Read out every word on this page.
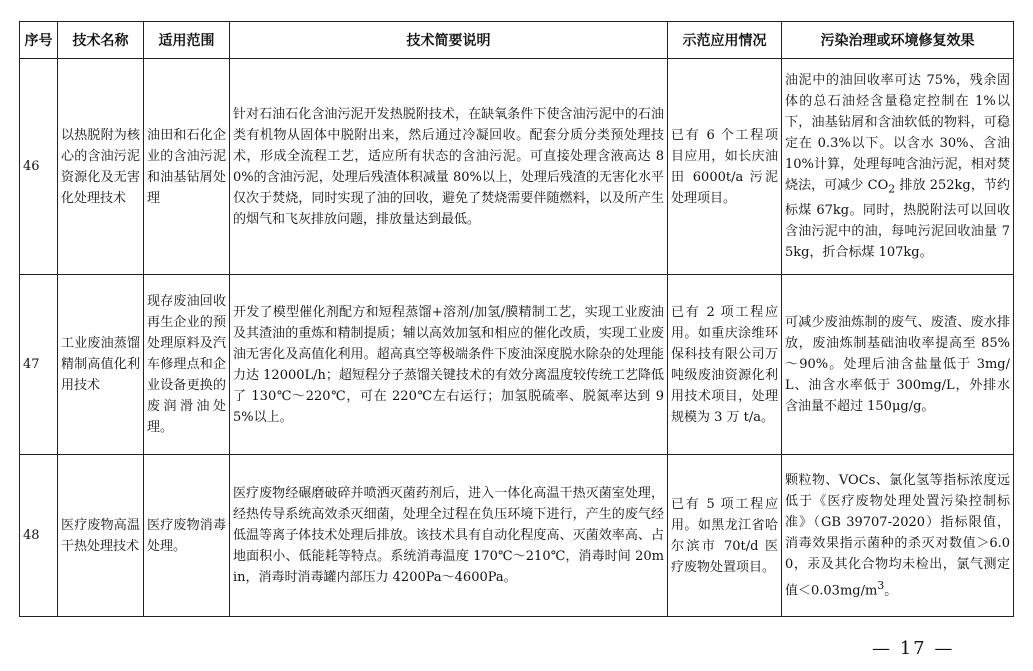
序号	技术名称	适用范围	技术简要说明	示范应用情况	污染治理或环境修复效果
46	以热脱附为核心的含油污泥资源化及无害化处理技术	油田和石化企业的含油污泥和油基钻屑处理	针对石油石化含油污泥开发热脱附技术，在缺氧条件下使含油污泥中的石油类有机物从固体中脱附出来，然后通过冷凝回收。配套分质分类预处理技术，形成全流程工艺，适应所有状态的含油污泥。可直接处理含液高达 80%的含油污泥，处理后残渣体积减量 80%以上，处理后残渣的无害化水平仅次于焚烧，同时实现了油的回收，避免了焚烧需要伴随燃料，以及所产生的烟气和飞灰排放问题，排放量达到最低。	已有 6 个工程项目应用，如长庆油田 6000t/a 污泥处理项目。	油泥中的油回收率可达 75%，残余固体的总石油烃含量稳定控制在 1%以下，油基钻屑和含油软低的物料，可稳定在 0.3%以下。以含水 30%、含油 10%计算，处理每吨含油污泥，相对焚烧法，可减少 $CO_2$ 排放 252kg，节约标煤 67kg。同时，热脱附法可以回收含油污泥中的油，每吨污泥回收油量 75kg，折合标煤 107kg。
47	工业废油蒸馏精制高值化利用技术	现存废油回收再生企业的预处理原料及汽车修理点和企业设备更换的废润滑油处理。	开发了模型催化剂配方和短程蒸馏+溶剂/加氢/膜精制工艺，实现工业废油及其渣油的重炼和精制提质；辅以高效加氢和相应的催化改质，实现工业废油无害化及高值化利用。超高真空等极端条件下废油深度脱水除杂的处理能力达 12000L/h；超短程分子蒸馏关键技术的有效分离温度较传统工艺降低了 130℃～220℃，可在 220℃左右运行；加氢脱硫率、脱氮率达到 95%以上。	已有 2 项工程应用。如重庆涂维环保科技有限公司万吨级废油资源化利用技术项目，处理规模为 3 万 t/a。	可减少废油炼制的废气、废渣、废水排放，废油炼制基础油收率提高至 85%～90%。处理后油含盐量低于 3mg/L、油含水率低于 300mg/L，外排水含油量不超过 150μg/g。
48	医疗废物高温干热处理技术	医疗废物消毒处理。	医疗废物经碾磨破碎并喷洒灭菌药剂后，进入一体化高温干热灭菌室处理，经热传导系统高效杀灭细菌，处理全过程在负压环境下进行，产生的废气经低温等离子体技术处理后排放。该技术具有自动化程度高、灭菌效率高、占地面积小、低能耗等特点。系统消毒温度 170℃～210℃，消毒时间 20min，消毒时消毒罐内部压力 4200Pa～4600Pa。	已有 5 项工程应用。如黑龙江省哈尔滨市 70t/d 医疗废物处置项目。	颗粒物、VOCs、氯化氢等指标浓度远低于《医疗废物处理处置污染控制标准》（GB 39707-2020）指标限值，消毒效果指示菌种的杀灭对数值＞6.00，汞及其化合物均未检出，氯气测定值$<0.03mg/m^3$。
— 17 —
